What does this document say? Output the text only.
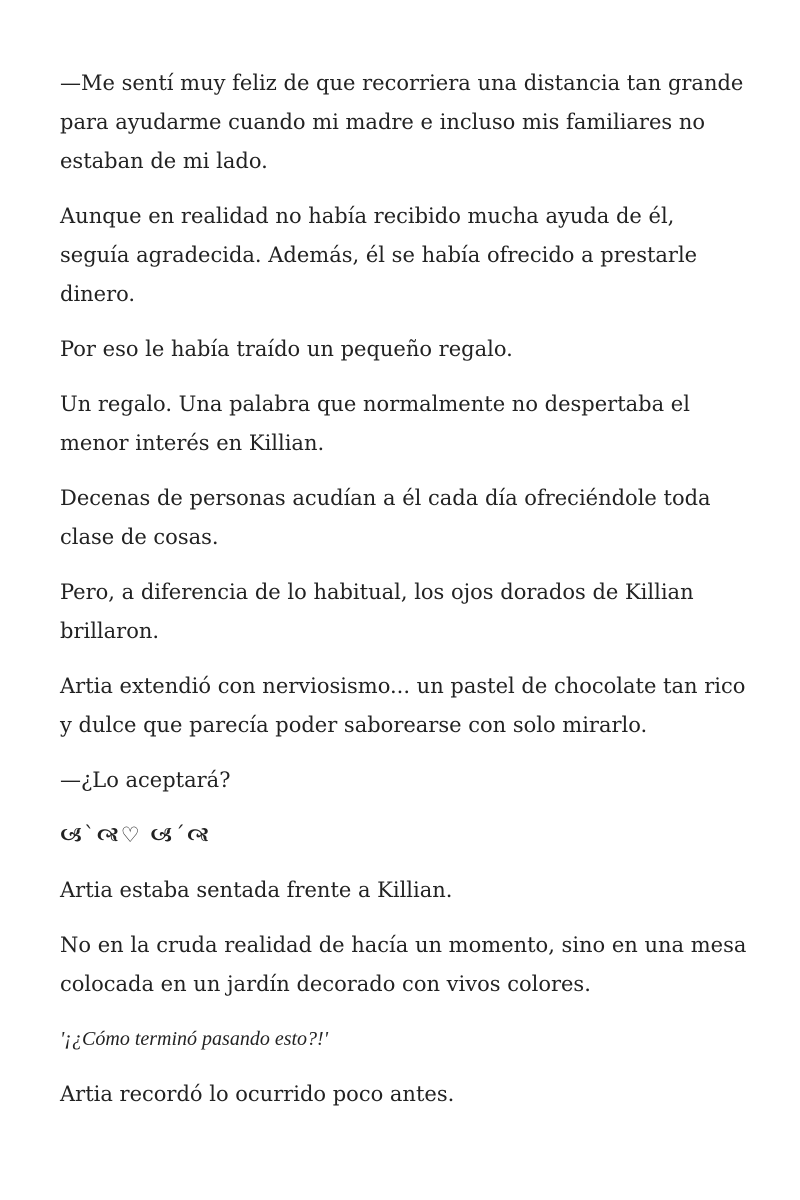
—Me sentí muy feliz de que recorriera una distancia tan grande para ayudarme cuando mi madre e incluso mis familiares no estaban de mi lado.

Aunque en realidad no había recibido mucha ayuda de él, seguía agradecida. Además, él se había ofrecido a prestarle dinero.

Por eso le había traído un pequeño regalo.

Un regalo. Una palabra que normalmente no despertaba el menor interés en Killian.

Decenas de personas acudían a él cada día ofreciéndole toda clase de cosas.

Pero, a diferencia de lo habitual, los ojos dorados de Killian brillaron.

Artia extendió con nerviosismo... un pastel de chocolate tan rico y dulce que parecía poder saborearse con solo mirarlo.

—¿Lo aceptará?

🙦`🙧♡ 🙦´🙧

Artia estaba sentada frente a Killian.

No en la cruda realidad de hacía un momento, sino en una mesa colocada en un jardín decorado con vivos colores.

'¡¿Cómo terminó pasando esto?!'

Artia recordó lo ocurrido poco antes.
